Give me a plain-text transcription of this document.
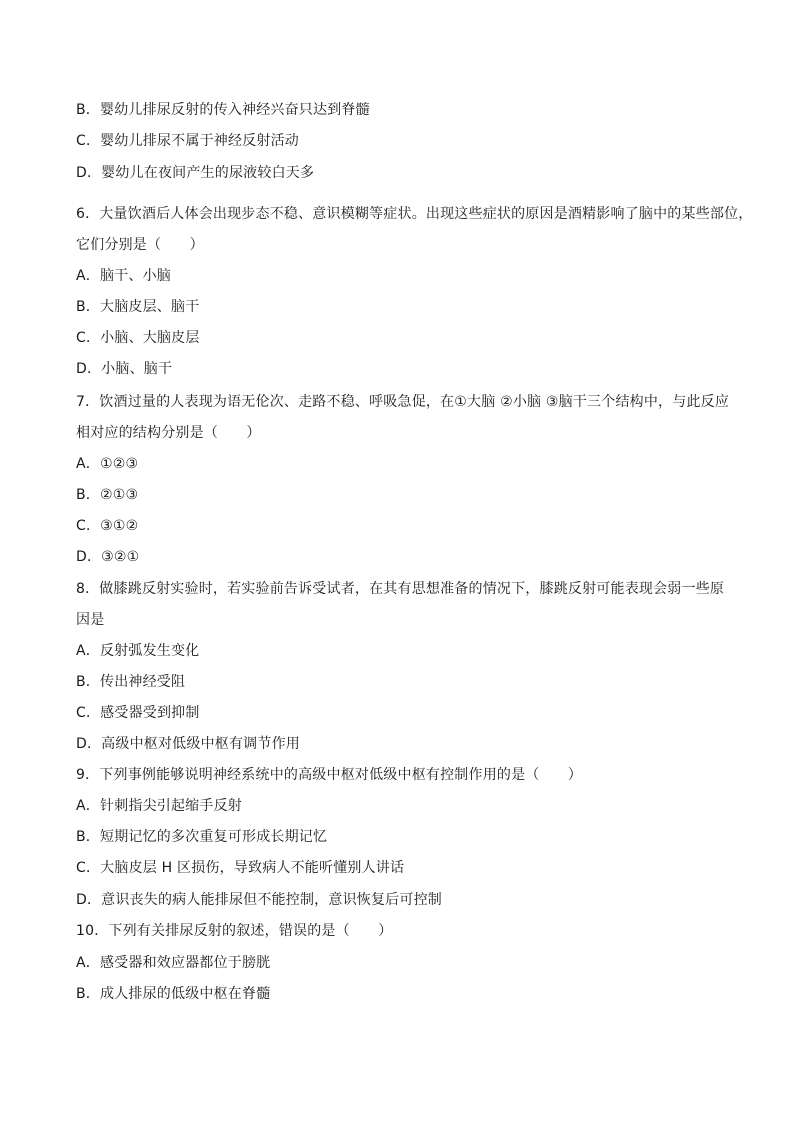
B．婴幼儿排尿反射的传入神经兴奋只达到脊髓

C．婴幼儿排尿不属于神经反射活动

D．婴幼儿在夜间产生的尿液较白天多

6．大量饮酒后人体会出现步态不稳、意识模糊等症状。出现这些症状的原因是酒精影响了脑中的某些部位，

它们分别是（　　）

A．脑干、小脑

B．大脑皮层、脑干

C．小脑、大脑皮层

D．小脑、脑干

7．饮酒过量的人表现为语无伦次、走路不稳、呼吸急促，在①大脑 ②小脑 ③脑干三个结构中，与此反应

相对应的结构分别是（　　）

A．①②③

B．②①③

C．③①②

D．③②①

8．做膝跳反射实验时，若实验前告诉受试者，在其有思想准备的情况下，膝跳反射可能表现会弱一些原

因是

A．反射弧发生变化

B．传出神经受阻

C．感受器受到抑制

D．高级中枢对低级中枢有调节作用

9．下列事例能够说明神经系统中的高级中枢对低级中枢有控制作用的是（　　）

A．针刺指尖引起缩手反射

B．短期记忆的多次重复可形成长期记忆

C．大脑皮层 H 区损伤，导致病人不能听懂别人讲话

D．意识丧失的病人能排尿但不能控制，意识恢复后可控制

10．下列有关排尿反射的叙述，错误的是（　　）

A．感受器和效应器都位于膀胱

B．成人排尿的低级中枢在脊髓
